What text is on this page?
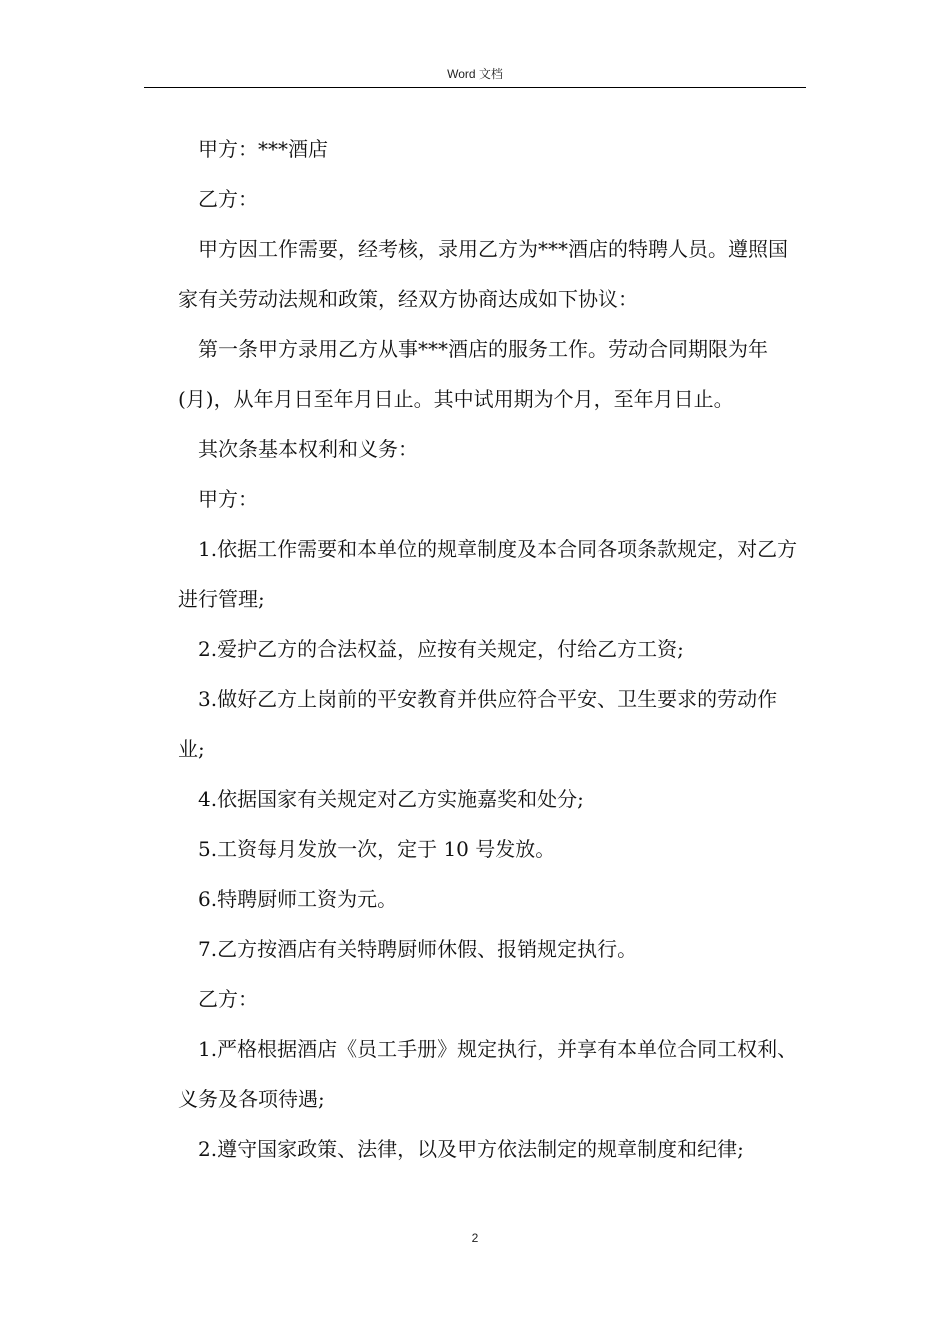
Word 文档

甲方：***酒店

乙方：

甲方因工作需要，经考核，录用乙方为***酒店的特聘人员。遵照国家有关劳动法规和政策，经双方协商达成如下协议：

第一条甲方录用乙方从事***酒店的服务工作。劳动合同期限为年(月)，从年月日至年月日止。其中试用期为个月，至年月日止。

其次条基本权利和义务：

甲方：

1.依据工作需要和本单位的规章制度及本合同各项条款规定，对乙方进行管理;

2.爱护乙方的合法权益，应按有关规定，付给乙方工资;

3.做好乙方上岗前的平安教育并供应符合平安、卫生要求的劳动作业;

4.依据国家有关规定对乙方实施嘉奖和处分;

5.工资每月发放一次，定于 10 号发放。

6.特聘厨师工资为元。

7.乙方按酒店有关特聘厨师休假、报销规定执行。

乙方：

1.严格根据酒店《员工手册》规定执行，并享有本单位合同工权利、义务及各项待遇;

2.遵守国家政策、法律，以及甲方依法制定的规章制度和纪律;

2
